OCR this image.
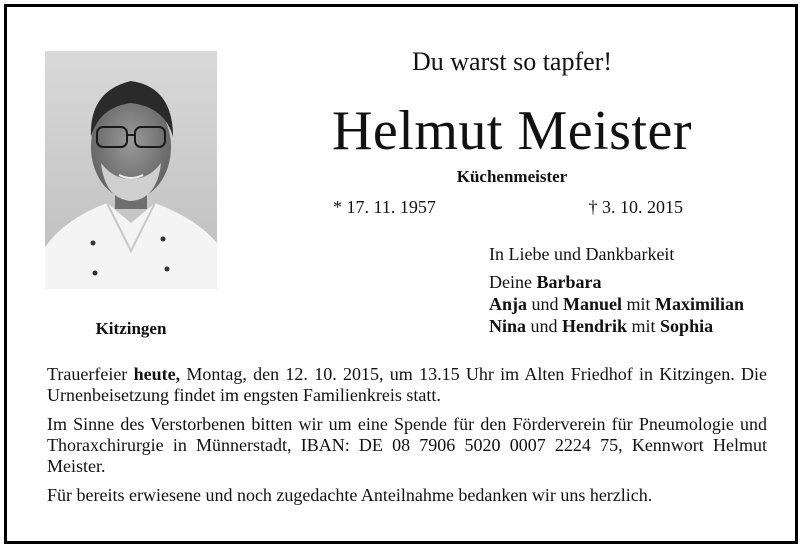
Kitzingen
Du warst so tapfer!
Helmut Meister
Küchenmeister
* 17. 11. 1957	† 3. 10. 2015
In Liebe und Dankbarkeit
Deine Barbara
Anja und Manuel mit Maximilian
Nina und Hendrik mit Sophia

Trauerfeier heute, Montag, den 12. 10. 2015, um 13.15 Uhr im Alten Friedhof in Kitzingen. Die Urnenbeisetzung findet im engsten Familienkreis statt.

Im Sinne des Verstorbenen bitten wir um eine Spende für den Förderverein für Pneumologie und Thoraxchirurgie in Münnerstadt, IBAN: DE 08 7906 5020 0007 2224 75, Kennwort Helmut Meister.

Für bereits erwiesene und noch zugedachte Anteilnahme bedanken wir uns herzlich.
